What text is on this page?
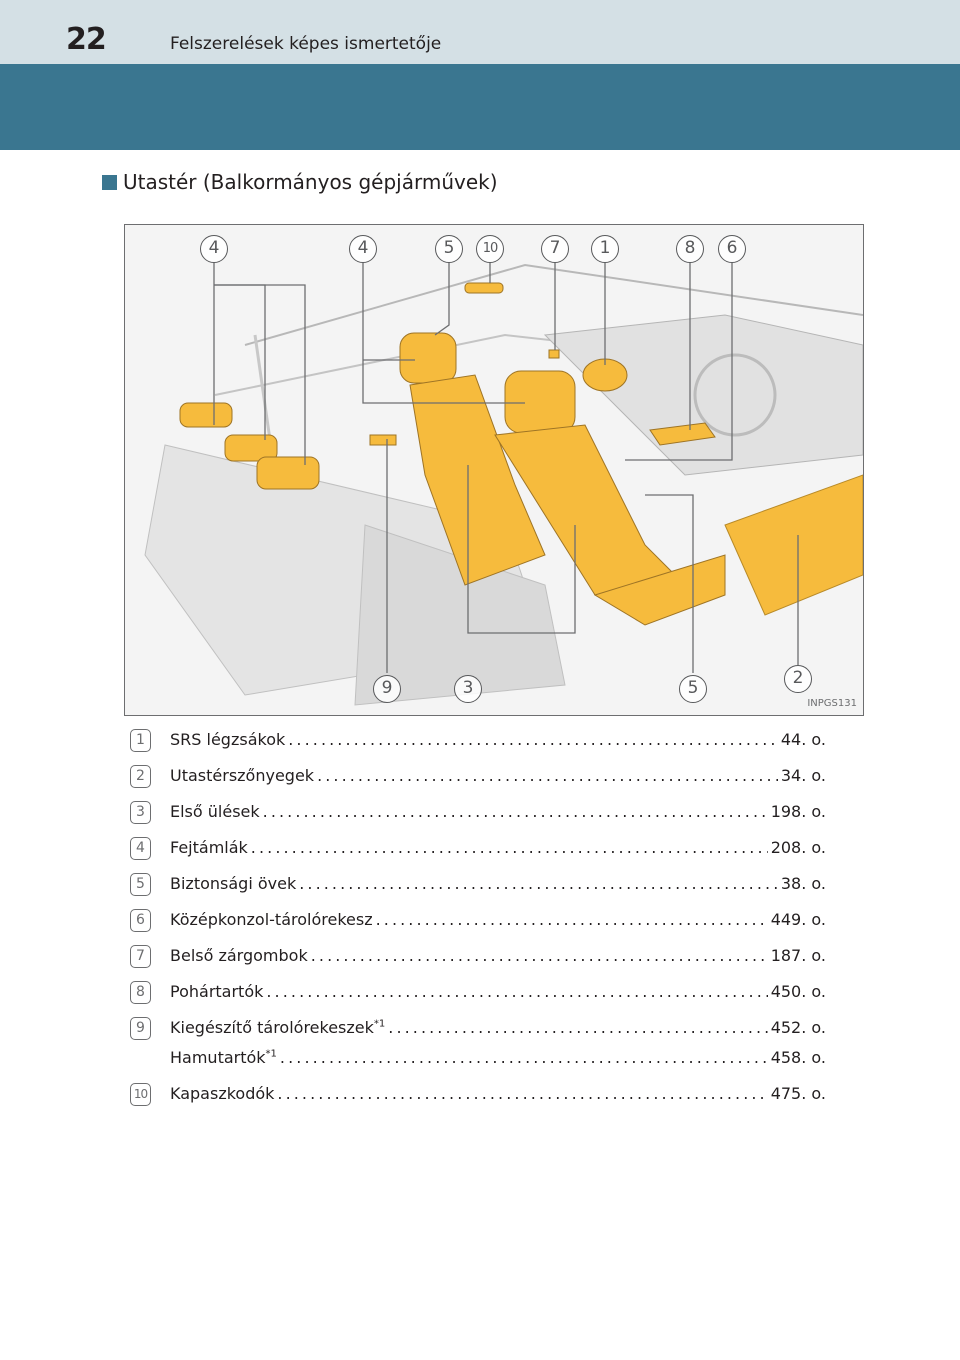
22	Felszerelések képes ismertetője
Utastér (Balkormányos gépjárművek)
4	4	5	10	7	1	8	6
9	3	5	2
INPGS131
1	SRS légzsákok . . .	44. o.
2	Utastérszőnyegek . . .	34. o.
3	Első ülések . . .	198. o.
4	Fejtámlák . . .	208. o.
5	Biztonsági övek . . .	38. o.
6	Középkonzol-tárolórekesz . . .	449. o.
7	Belső zárgombok . . .	187. o.
8	Pohártartók . . .	450. o.
9	Kiegészítő tárolórekeszek$^{*1}$ . . .	452. o.
Hamutartók$^{*1}$ . . .	458. o.
10 Kapaszkodók . . .	475. o.
